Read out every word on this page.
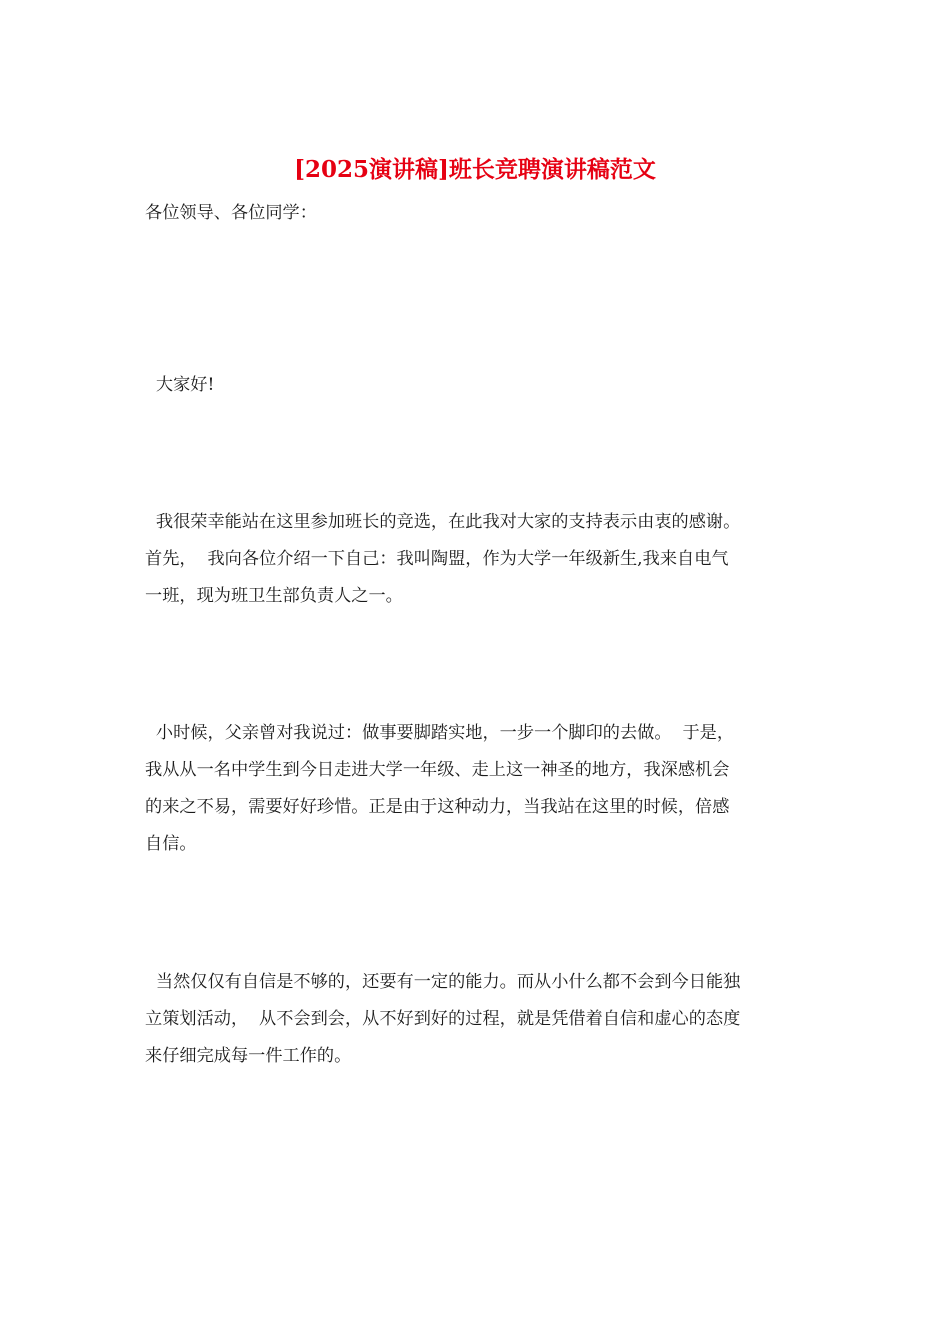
[2025演讲稿]班长竞聘演讲稿范文

各位领导、各位同学：

大家好!

我很荣幸能站在这里参加班长的竞选，在此我对大家的支持表示由衷的感谢。
首先，  我向各位介绍一下自己：我叫陶盟，作为大学一年级新生,我来自电气
一班，现为班卫生部负责人之一。

小时候，父亲曾对我说过：做事要脚踏实地，一步一个脚印的去做。  于是，
我从从一名中学生到今日走进大学一年级、走上这一神圣的地方，我深感机会
的来之不易，需要好好珍惜。正是由于这种动力，当我站在这里的时候，倍感
自信。

当然仅仅有自信是不够的，还要有一定的能力。而从小什么都不会到今日能独
立策划活动，  从不会到会，从不好到好的过程，就是凭借着自信和虚心的态度
来仔细完成每一件工作的。
